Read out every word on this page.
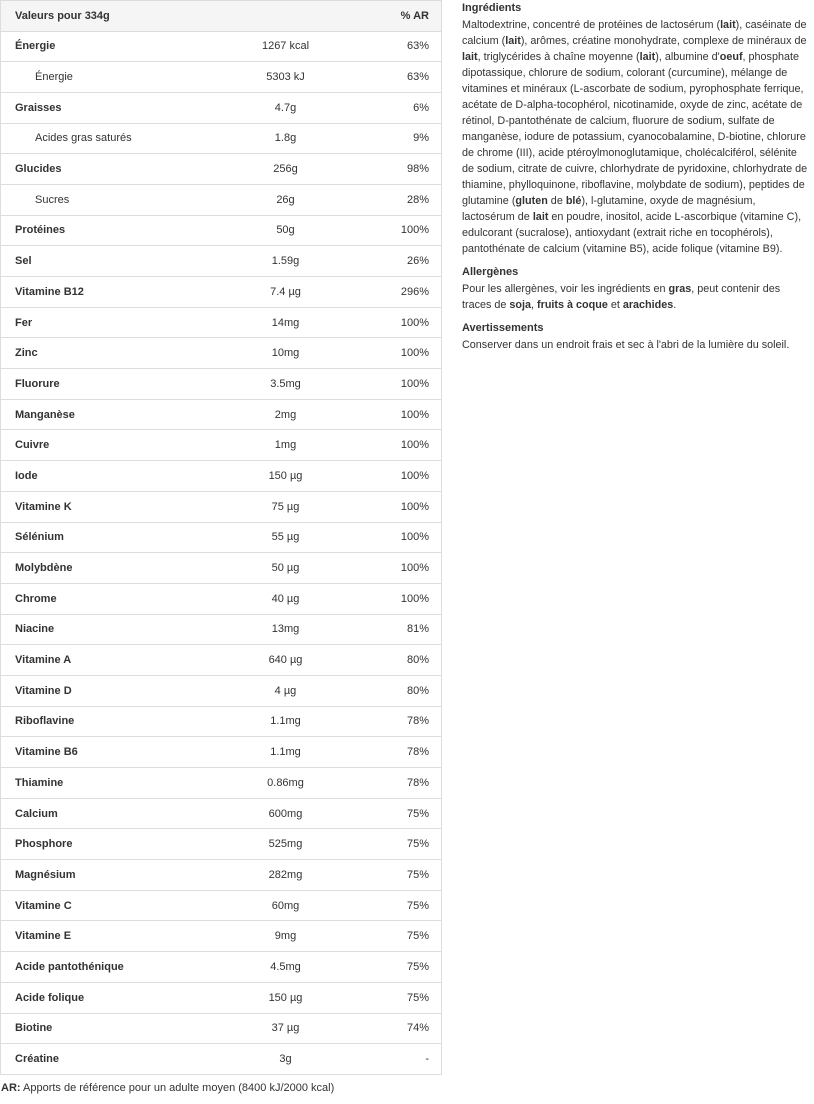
Valeurs pour 334g		% AR
Énergie	1267 kcal	63%
Énergie	5303 kJ	63%
Graisses	4.7g	6%
Acides gras saturés	1.8g	9%
Glucides	256g	98%
Sucres	26g	28%
Protéines	50g	100%
Sel	1.59g	26%
Vitamine B12	7.4 µg	296%
Fer	14mg	100%
Zinc	10mg	100%
Fluorure	3.5mg	100%
Manganèse	2mg	100%
Cuivre	1mg	100%
Iode	150 µg	100%
Vitamine K	75 µg	100%
Sélénium	55 µg	100%
Molybdène	50 µg	100%
Chrome	40 µg	100%
Niacine	13mg	81%
Vitamine A	640 µg	80%
Vitamine D	4 µg	80%
Riboflavine	1.1mg	78%
Vitamine B6	1.1mg	78%
Thiamine	0.86mg	78%
Calcium	600mg	75%
Phosphore	525mg	75%
Magnésium	282mg	75%
Vitamine C	60mg	75%
Vitamine E	9mg	75%
Acide pantothénique	4.5mg	75%
Acide folique	150 µg	75%
Biotine	37 µg	74%
Créatine	3g	-
AR: Apports de référence pour un adulte moyen (8400 kJ/2000 kcal)
Ingrédients

Maltodextrine, concentré de protéines de lactosérum (lait), caséinate de calcium (lait), arômes, créatine monohydrate, complexe de minéraux de lait, triglycérides à chaîne moyenne (lait), albumine d'oeuf, phosphate dipotassique, chlorure de sodium, colorant (curcumine), mélange de vitamines et minéraux (L-ascorbate de sodium, pyrophosphate ferrique, acétate de D-alpha-tocophérol, nicotinamide, oxyde de zinc, acétate de rétinol, D-pantothénate de calcium, fluorure de sodium, sulfate de manganèse, iodure de potassium, cyanocobalamine, D-biotine, chlorure de chrome (III), acide ptéroylmonoglutamique, cholécalciférol, sélénite de sodium, citrate de cuivre, chlorhydrate de pyridoxine, chlorhydrate de thiamine, phylloquinone, riboflavine, molybdate de sodium), peptides de glutamine (gluten de blé), l-glutamine, oxyde de magnésium, lactosérum de lait en poudre, inositol, acide L-ascorbique (vitamine C), edulcorant (sucralose), antioxydant (extrait riche en tocophérols), pantothénate de calcium (vitamine B5), acide folique (vitamine B9).

Allergènes

Pour les allergènes, voir les ingrédients en gras, peut contenir des traces de soja, fruits à coque et arachides.

Avertissements

Conserver dans un endroit frais et sec à l'abri de la lumière du soleil.
